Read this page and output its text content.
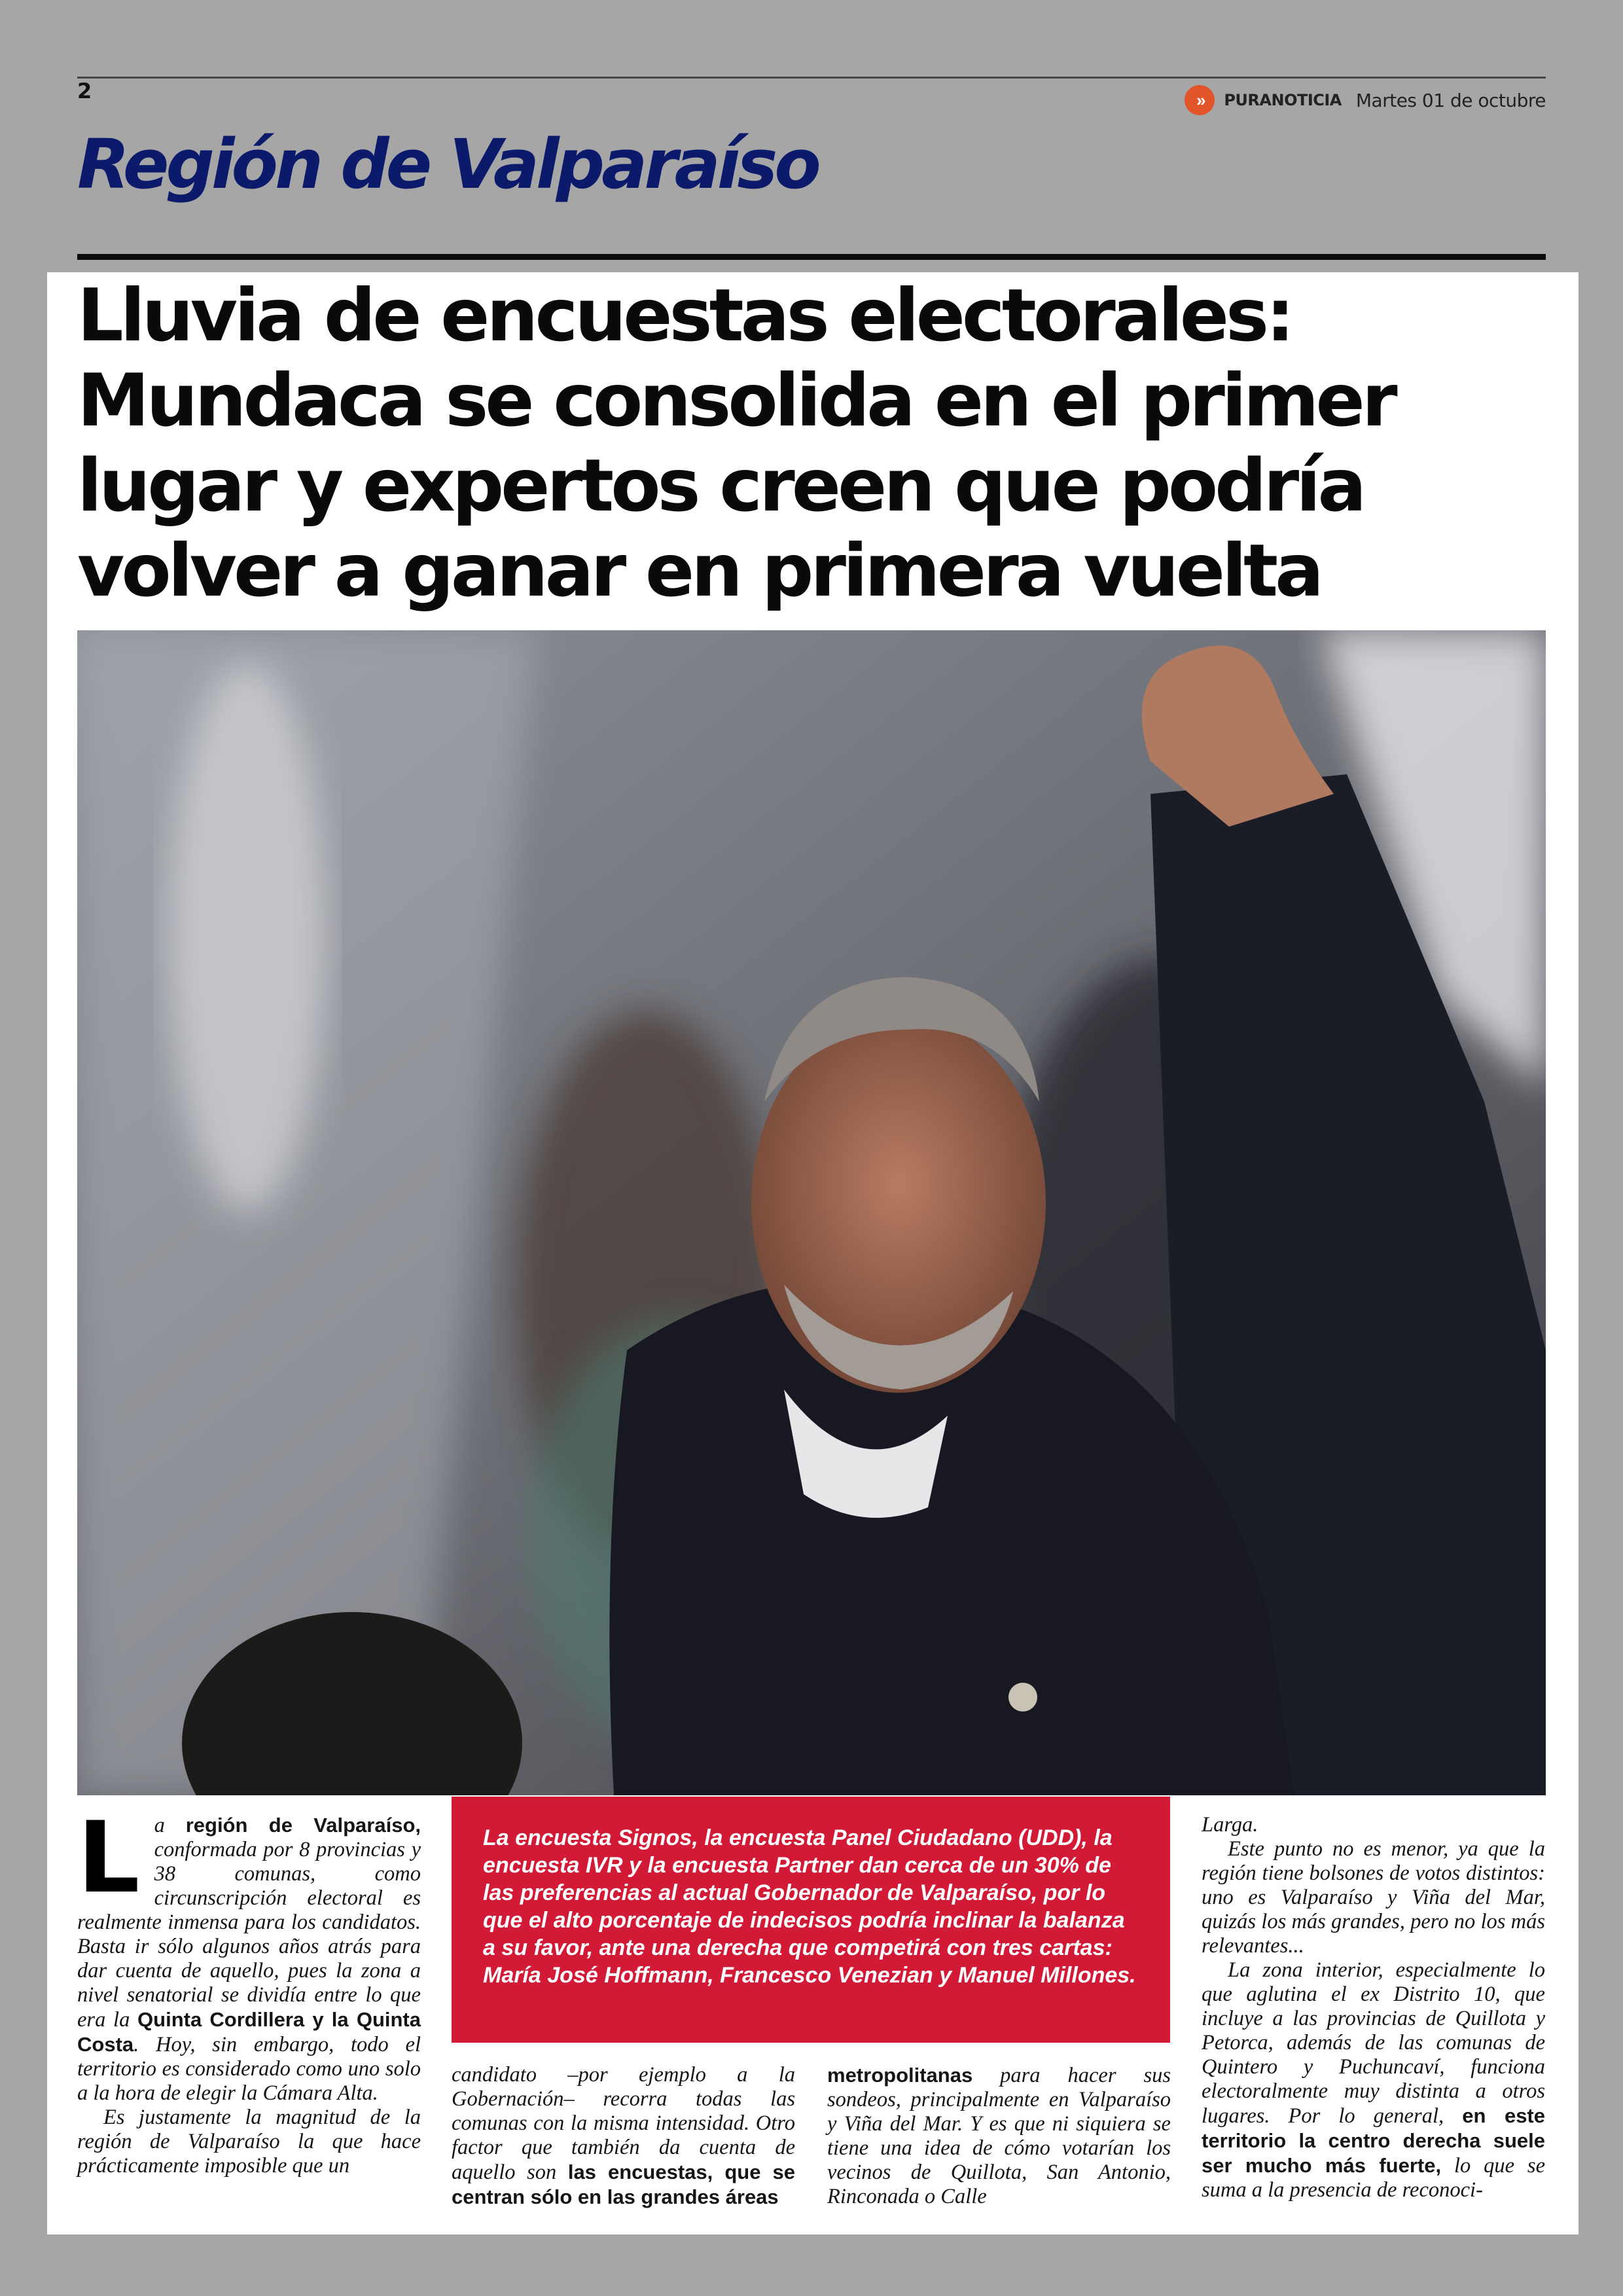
2	»	PURANOTICIA Martes 01 de octubre
Región de Valparaíso
Lluvia de encuestas electorales: Mundaca se consolida en el primer lugar y expertos creen que podría volver a ganar en primera vuelta
L a región de Valparaíso, conformada por 8 provincias y 38 comunas, como circunscripción electoral es realmente inmensa para los candidatos. Basta ir sólo algunos años atrás para dar cuenta de aquello, pues la zona a nivel senatorial se dividía entre lo que era la Quinta Cordillera y la Quinta Costa. Hoy, sin embargo, todo el territorio es considerado como uno solo a la hora de elegir la Cámara Alta.

Es justamente la magnitud de la región de Valparaíso la que hace prácticamente imposible que un

La encuesta Signos, la encuesta Panel Ciudadano (UDD), la encuesta IVR y la encuesta Partner dan cerca de un 30% de las preferencias al actual Gobernador de Valparaíso, por lo que el alto porcentaje de indecisos podría inclinar la balanza a su favor, ante una derecha que competirá con tres cartas: María José Hoffmann, Francesco Venezian y Manuel Millones.

candidato –por ejemplo a la Gobernación– recorra todas las comunas con la misma intensidad. Otro factor que también da cuenta de aquello son las encuestas, que se centran sólo en las grandes áreas

metropolitanas para hacer sus sondeos, principalmente en Valparaíso y Viña del Mar. Y es que ni siquiera se tiene una idea de cómo votarían los vecinos de Quillota, San Antonio, Rinconada o Calle

Larga.

Este punto no es menor, ya que la región tiene bolsones de votos distintos: uno es Valparaíso y Viña del Mar, quizás los más grandes, pero no los más relevantes...

La zona interior, especialmente lo que aglutina el ex Distrito 10, que incluye a las provincias de Quillota y Petorca, además de las comunas de Quintero y Puchuncaví, funciona electoralmente muy distinta a otros lugares. Por lo general, en este territorio la centro derecha suele ser mucho más fuerte, lo que se suma a la presencia de reconoci-
